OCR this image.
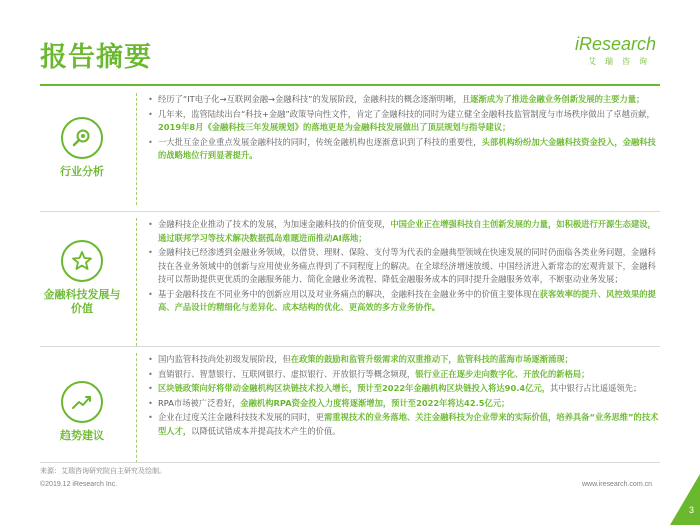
报告摘要	iResearch
艾瑞咨询
行业分析
• 经历了“IT电子化→互联网金融→金融科技”的发展阶段，金融科技的概念逐渐明晰，且逐渐成为了推进金融业务创新发展的主要力量；
• 几年来，监管陆续出台“科技+金融”政策导向性文件，肯定了金融科技的同时为建立健全金融科技监管制度与市场秩序做出了卓越贡献，2019年8月《金融科技三年发展规划》的落地更是为金融科技发展做出了顶层规划与指导建议；
• 一大批互金企业重点发展金融科技的同时，传统金融机构也逐渐意识到了科技的重要性，头部机构纷纷加大金融科技资金投入，金融科技的战略地位行到显著提升。
金融科技发展与价值
• 金融科技企业推动了技术的发展，为加速金融科技的价值变现，中国企业正在增强科技自主创新发展的力量，如积极进行开源生态建设，通过联邦学习等技术解决数据孤岛难题进而推动AI落地；
• 金融科技已经渗透到金融业务领域，以借贷、理财、保险、支付等为代表的金融典型领域在快速发展的同时仍面临各类业务问题，金融科技在各业务领域中的创新与应用使业务痛点得到了不同程度上的解决。在全球经济增速放缓、中国经济进入新常态的宏观背景下，金融科技可以帮助提供更优质的金融服务能力、简化金融业务流程、降低金融服务成本的同时提升金融服务效率，不断驱动业务发展；
• 基于金融科技在不同业务中的创新应用以及对业务痛点的解决，金融科技在金融业务中的价值主要体现在获客效率的提升、风控效果的提高、产品设计的精细化与差异化、成本结构的优化、更高效的多方业务协作。
趋势建议
• 国内监管科技尚处初级发展阶段，但在政策的鼓励和监管升级需求的双重推动下，监管科技的蓝海市场逐渐涌现；
• 直销银行、智慧银行、互联网银行、虚拟银行、开放银行等概念频现，银行业正在逐步走向数字化、开放化的新格局；
• 区块链政策向好将带动金融机构区块链技术投入增长，预计至2022年金融机构区块链投入将达90.4亿元，其中银行占比遥遥领先；
• RPA市场被广泛看好，金融机构RPA资金投入力度将逐渐增加，预计至2022年将达42.5亿元；
• 企业在过度关注金融科技技术发展的同时，更需重视技术的业务落地、关注金融科技为企业带来的实际价值，培养具备“业务思维”的技术型人才，以降低试错成本并提高技术产生的价值。
来源：艾瑞咨询研究院自主研究及绘制。
©2019.12 iResearch Inc.	www.iresearch.com.cn
3
